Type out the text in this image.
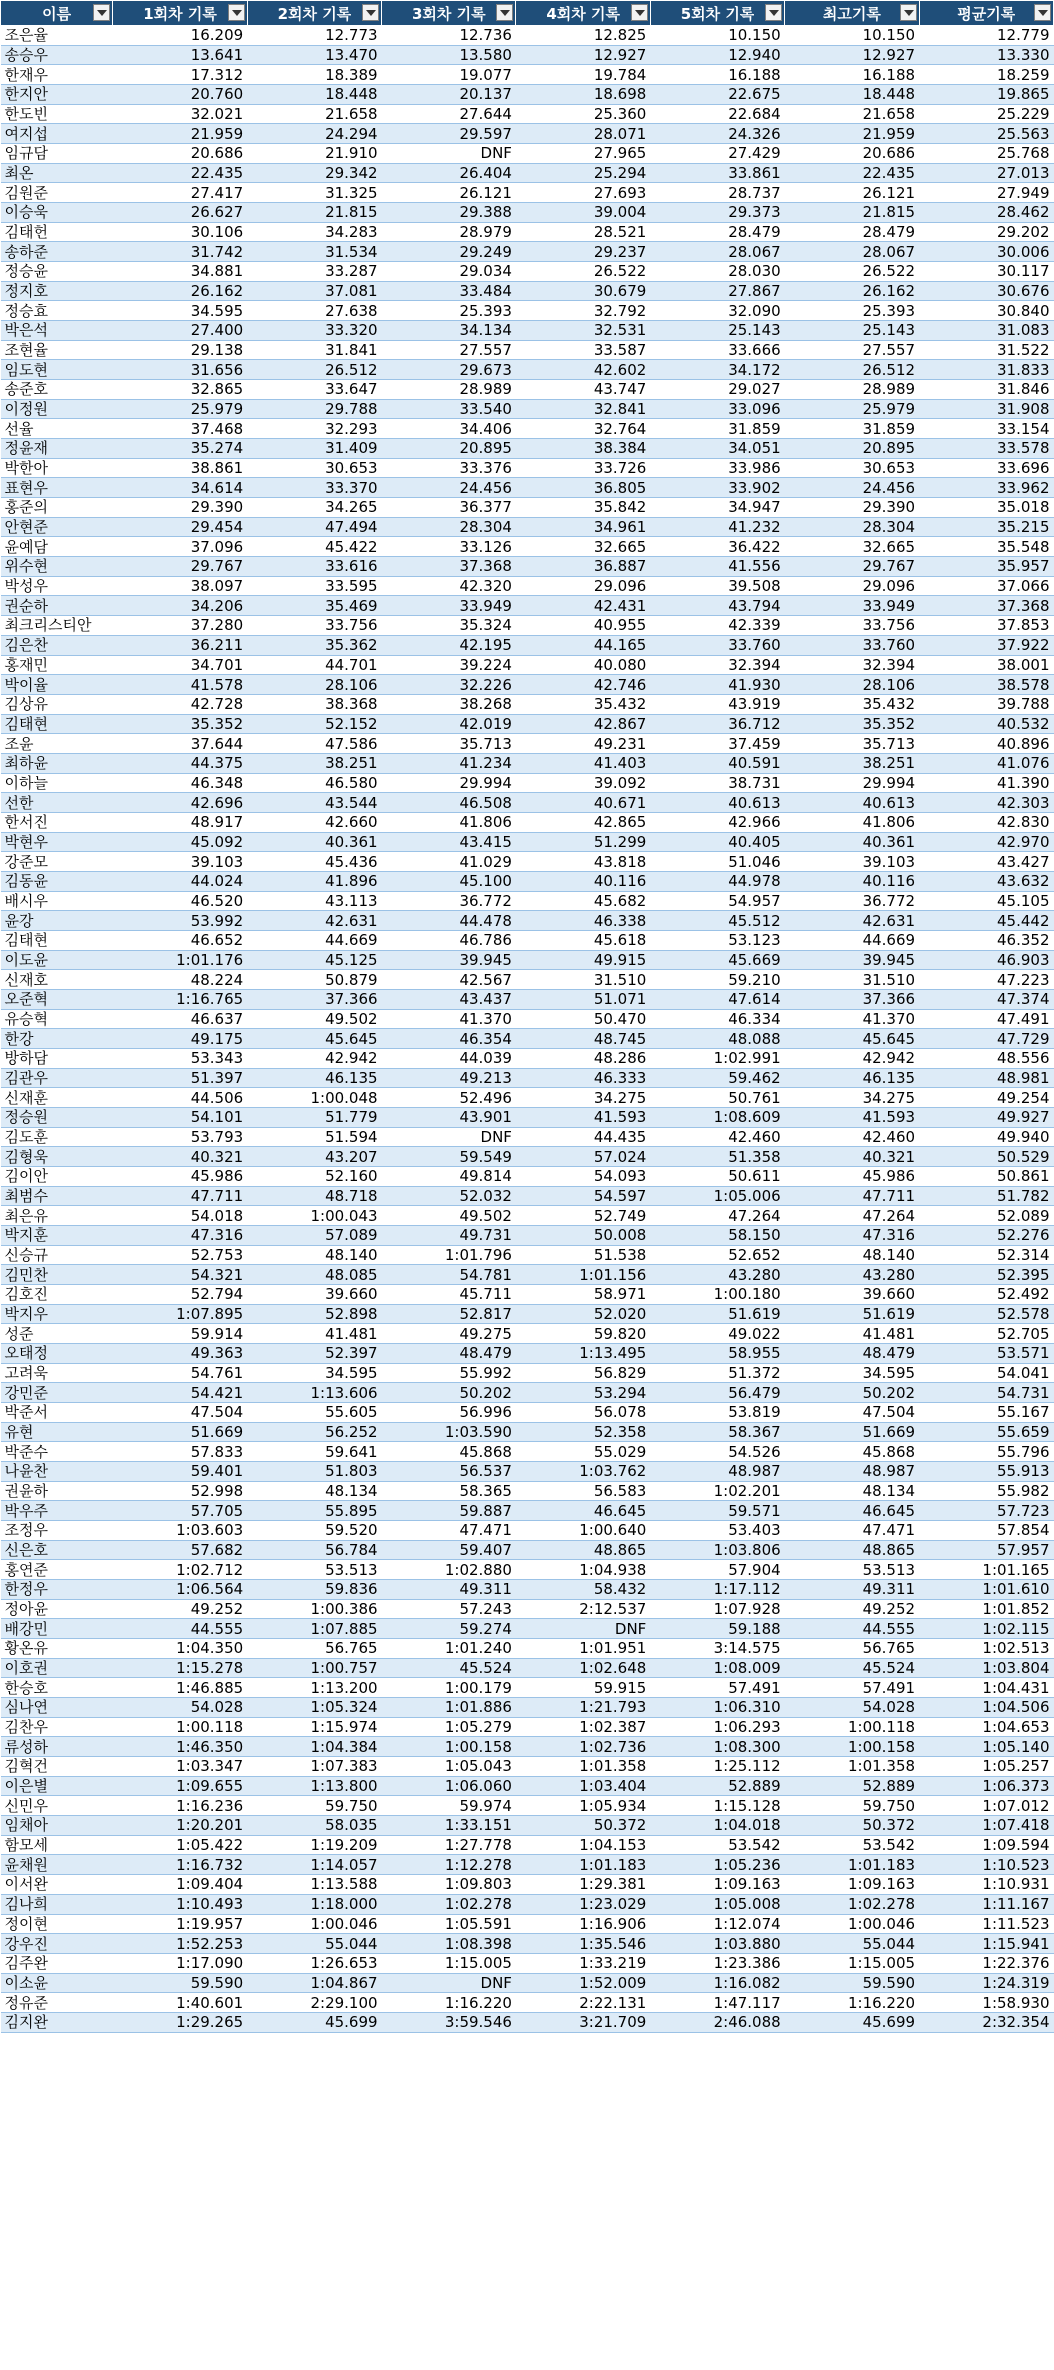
이름	1회차 기록	2회차 기록	3회차 기록	4회차 기록	5회차 기록	최고기록	평균기록

조은율	16.209	12.773	12.736	12.825	10.150	10.150	12.779
송승우	13.641	13.470	13.580	12.927	12.940	12.927	13.330
한재우	17.312	18.389	19.077	19.784	16.188	16.188	18.259
한지안	20.760	18.448	20.137	18.698	22.675	18.448	19.865
한도빈	32.021	21.658	27.644	25.360	22.684	21.658	25.229
여지섭	21.959	24.294	29.597	28.071	24.326	21.959	25.563
임규담	20.686	21.910	DNF	27.965	27.429	20.686	25.768
최온	22.435	29.342	26.404	25.294	33.861	22.435	27.013
김원준	27.417	31.325	26.121	27.693	28.737	26.121	27.949
이승욱	26.627	21.815	29.388	39.004	29.373	21.815	28.462
김태헌	30.106	34.283	28.979	28.521	28.479	28.479	29.202
송하준	31.742	31.534	29.249	29.237	28.067	28.067	30.006
정승윤	34.881	33.287	29.034	26.522	28.030	26.522	30.117
정지호	26.162	37.081	33.484	30.679	27.867	26.162	30.676
정승효	34.595	27.638	25.393	32.792	32.090	25.393	30.840
박은석	27.400	33.320	34.134	32.531	25.143	25.143	31.083
조현율	29.138	31.841	27.557	33.587	33.666	27.557	31.522
임도현	31.656	26.512	29.673	42.602	34.172	26.512	31.833
송준호	32.865	33.647	28.989	43.747	29.027	28.989	31.846
이정원	25.979	29.788	33.540	32.841	33.096	25.979	31.908
선율	37.468	32.293	34.406	32.764	31.859	31.859	33.154
정윤재	35.274	31.409	20.895	38.384	34.051	20.895	33.578
박한아	38.861	30.653	33.376	33.726	33.986	30.653	33.696
표현우	34.614	33.370	24.456	36.805	33.902	24.456	33.962
홍준의	29.390	34.265	36.377	35.842	34.947	29.390	35.018
안현준	29.454	47.494	28.304	34.961	41.232	28.304	35.215
윤예담	37.096	45.422	33.126	32.665	36.422	32.665	35.548
위수현	29.767	33.616	37.368	36.887	41.556	29.767	35.957
박성우	38.097	33.595	42.320	29.096	39.508	29.096	37.066
권순하	34.206	35.469	33.949	42.431	43.794	33.949	37.368
최크리스티안	37.280	33.756	35.324	40.955	42.339	33.756	37.853
김은찬	36.211	35.362	42.195	44.165	33.760	33.760	37.922
홍재민	34.701	44.701	39.224	40.080	32.394	32.394	38.001
박이율	41.578	28.106	32.226	42.746	41.930	28.106	38.578
김상유	42.728	38.368	38.268	35.432	43.919	35.432	39.788
김태현	35.352	52.152	42.019	42.867	36.712	35.352	40.532
조윤	37.644	47.586	35.713	49.231	37.459	35.713	40.896
최하윤	44.375	38.251	41.234	41.403	40.591	38.251	41.076
이하늘	46.348	46.580	29.994	39.092	38.731	29.994	41.390
선한	42.696	43.544	46.508	40.671	40.613	40.613	42.303
한서진	48.917	42.660	41.806	42.865	42.966	41.806	42.830
박현우	45.092	40.361	43.415	51.299	40.405	40.361	42.970
강준모	39.103	45.436	41.029	43.818	51.046	39.103	43.427
김동윤	44.024	41.896	45.100	40.116	44.978	40.116	43.632
배시우	46.520	43.113	36.772	45.682	54.957	36.772	45.105
윤강	53.992	42.631	44.478	46.338	45.512	42.631	45.442
김태현	46.652	44.669	46.786	45.618	53.123	44.669	46.352
이도윤	1:01.176	45.125	39.945	49.915	45.669	39.945	46.903
신재호	48.224	50.879	42.567	31.510	59.210	31.510	47.223
오준혁	1:16.765	37.366	43.437	51.071	47.614	37.366	47.374
유승혁	46.637	49.502	41.370	50.470	46.334	41.370	47.491
한강	49.175	45.645	46.354	48.745	48.088	45.645	47.729
방하담	53.343	42.942	44.039	48.286	1:02.991	42.942	48.556
김관우	51.397	46.135	49.213	46.333	59.462	46.135	48.981
신재훈	44.506	1:00.048	52.496	34.275	50.761	34.275	49.254
정승원	54.101	51.779	43.901	41.593	1:08.609	41.593	49.927
김도훈	53.793	51.594	DNF	44.435	42.460	42.460	49.940
김형욱	40.321	43.207	59.549	57.024	51.358	40.321	50.529
김이안	45.986	52.160	49.814	54.093	50.611	45.986	50.861
최범수	47.711	48.718	52.032	54.597	1:05.006	47.711	51.782
최은유	54.018	1:00.043	49.502	52.749	47.264	47.264	52.089
박지훈	47.316	57.089	49.731	50.008	58.150	47.316	52.276
신승규	52.753	48.140	1:01.796	51.538	52.652	48.140	52.314
김민찬	54.321	48.085	54.781	1:01.156	43.280	43.280	52.395
김호진	52.794	39.660	45.711	58.971	1:00.180	39.660	52.492
박지우	1:07.895	52.898	52.817	52.020	51.619	51.619	52.578
성준	59.914	41.481	49.275	59.820	49.022	41.481	52.705
오태정	49.363	52.397	48.479	1:13.495	58.955	48.479	53.571
고려욱	54.761	34.595	55.992	56.829	51.372	34.595	54.041
강민준	54.421	1:13.606	50.202	53.294	56.479	50.202	54.731
박준서	47.504	55.605	56.996	56.078	53.819	47.504	55.167
유현	51.669	56.252	1:03.590	52.358	58.367	51.669	55.659
박준수	57.833	59.641	45.868	55.029	54.526	45.868	55.796
나윤찬	59.401	51.803	56.537	1:03.762	48.987	48.987	55.913
권윤하	52.998	48.134	58.365	56.583	1:02.201	48.134	55.982
박우주	57.705	55.895	59.887	46.645	59.571	46.645	57.723
조정우	1:03.603	59.520	47.471	1:00.640	53.403	47.471	57.854
신은호	57.682	56.784	59.407	48.865	1:03.806	48.865	57.957
홍연준	1:02.712	53.513	1:02.880	1:04.938	57.904	53.513	1:01.165
한정우	1:06.564	59.836	49.311	58.432	1:17.112	49.311	1:01.610
정아윤	49.252	1:00.386	57.243	2:12.537	1:07.928	49.252	1:01.852
배강민	44.555	1:07.885	59.274	DNF	59.188	44.555	1:02.115
황온유	1:04.350	56.765	1:01.240	1:01.951	3:14.575	56.765	1:02.513
이호권	1:15.278	1:00.757	45.524	1:02.648	1:08.009	45.524	1:03.804
한승호	1:46.885	1:13.200	1:00.179	59.915	57.491	57.491	1:04.431
심나연	54.028	1:05.324	1:01.886	1:21.793	1:06.310	54.028	1:04.506
김찬우	1:00.118	1:15.974	1:05.279	1:02.387	1:06.293	1:00.118	1:04.653
류성하	1:46.350	1:04.384	1:00.158	1:02.736	1:08.300	1:00.158	1:05.140
김혁건	1:03.347	1:07.383	1:05.043	1:01.358	1:25.112	1:01.358	1:05.257
이은별	1:09.655	1:13.800	1:06.060	1:03.404	52.889	52.889	1:06.373
신민우	1:16.236	59.750	59.974	1:05.934	1:15.128	59.750	1:07.012
임채아	1:20.201	58.035	1:33.151	50.372	1:04.018	50.372	1:07.418
함모세	1:05.422	1:19.209	1:27.778	1:04.153	53.542	53.542	1:09.594
윤채원	1:16.732	1:14.057	1:12.278	1:01.183	1:05.236	1:01.183	1:10.523
이서완	1:09.404	1:13.588	1:09.803	1:29.381	1:09.163	1:09.163	1:10.931
김나희	1:10.493	1:18.000	1:02.278	1:23.029	1:05.008	1:02.278	1:11.167
정이현	1:19.957	1:00.046	1:05.591	1:16.906	1:12.074	1:00.046	1:11.523
강우진	1:52.253	55.044	1:08.398	1:35.546	1:03.880	55.044	1:15.941
김주완	1:17.090	1:26.653	1:15.005	1:33.219	1:23.386	1:15.005	1:22.376
이소윤	59.590	1:04.867	DNF	1:52.009	1:16.082	59.590	1:24.319
정유준	1:40.601	2:29.100	1:16.220	2:22.131	1:47.117	1:16.220	1:58.930
김지완	1:29.265	45.699	3:59.546	3:21.709	2:46.088	45.699	2:32.354
